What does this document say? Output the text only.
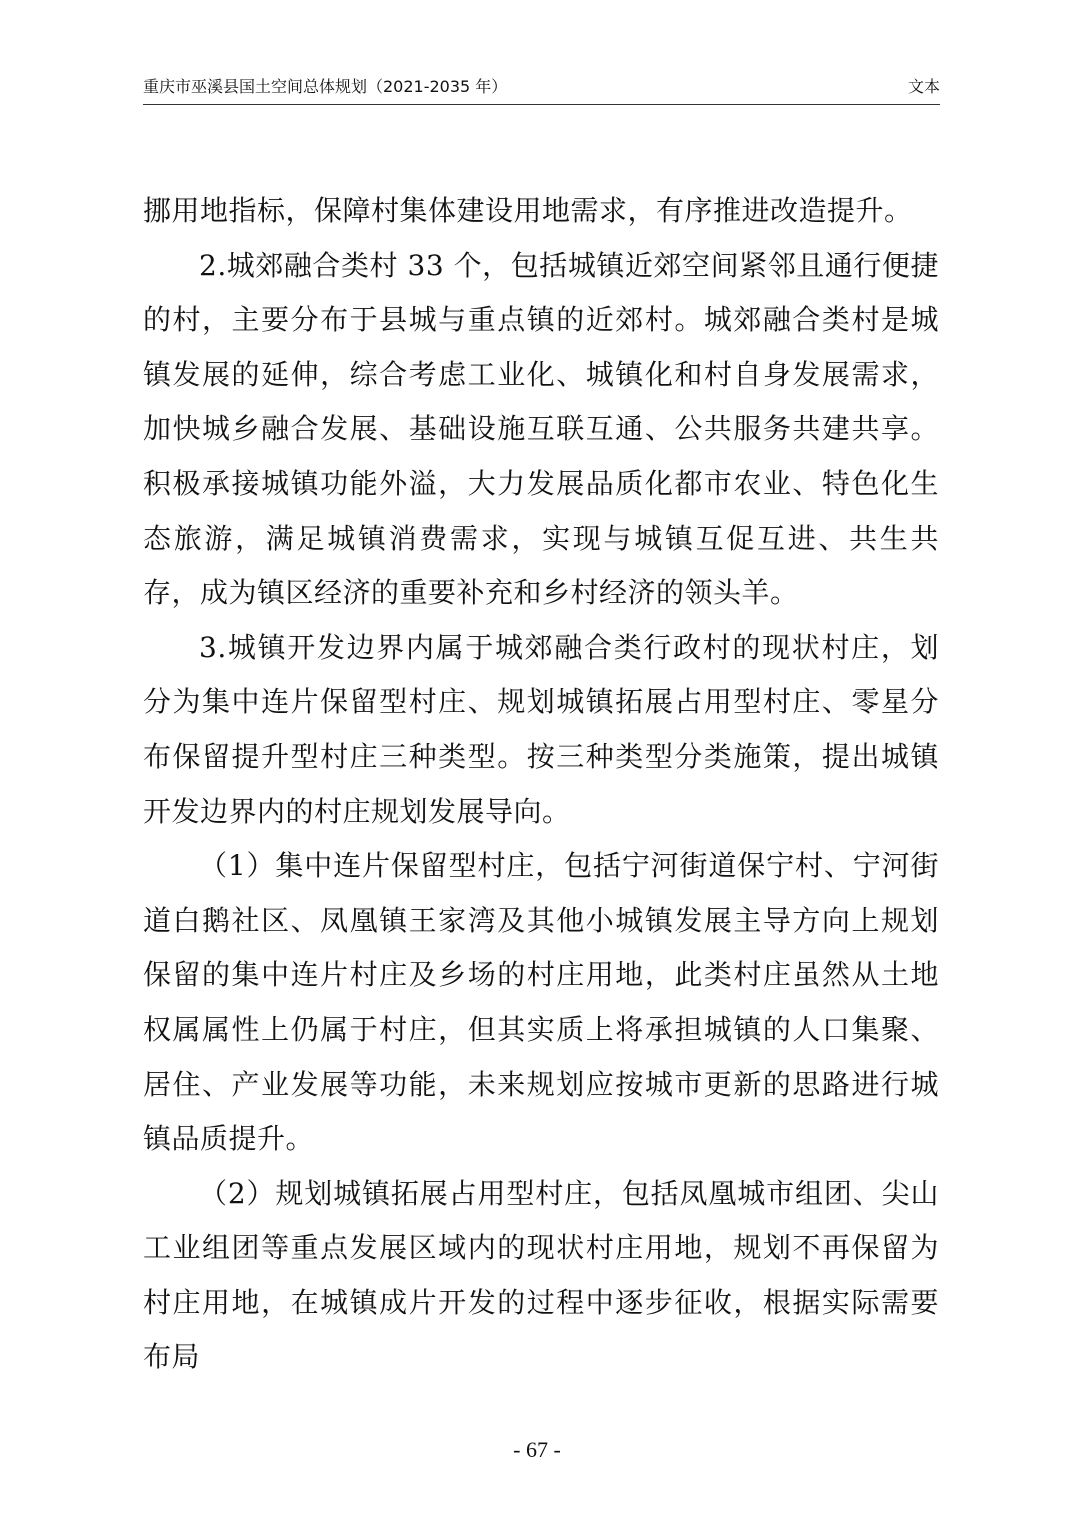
重庆市巫溪县国土空间总体规划（2021-2035 年）	文本

挪用地指标，保障村集体建设用地需求，有序推进改造提升。

2.城郊融合类村 33 个，包括城镇近郊空间紧邻且通行便捷的村，主要分布于县城与重点镇的近郊村。城郊融合类村是城镇发展的延伸，综合考虑工业化、城镇化和村自身发展需求，加快城乡融合发展、基础设施互联互通、公共服务共建共享。积极承接城镇功能外溢，大力发展品质化都市农业、特色化生态旅游，满足城镇消费需求，实现与城镇互促互进、共生共存，成为镇区经济的重要补充和乡村经济的领头羊。

3.城镇开发边界内属于城郊融合类行政村的现状村庄，划分为集中连片保留型村庄、规划城镇拓展占用型村庄、零星分布保留提升型村庄三种类型。按三种类型分类施策，提出城镇开发边界内的村庄规划发展导向。

（1）集中连片保留型村庄，包括宁河街道保宁村、宁河街道白鹅社区、凤凰镇王家湾及其他小城镇发展主导方向上规划保留的集中连片村庄及乡场的村庄用地，此类村庄虽然从土地权属属性上仍属于村庄，但其实质上将承担城镇的人口集聚、居住、产业发展等功能，未来规划应按城市更新的思路进行城镇品质提升。

（2）规划城镇拓展占用型村庄，包括凤凰城市组团、尖山工业组团等重点发展区域内的现状村庄用地，规划不再保留为村庄用地，在城镇成片开发的过程中逐步征收，根据实际需要布局

- 67 -
